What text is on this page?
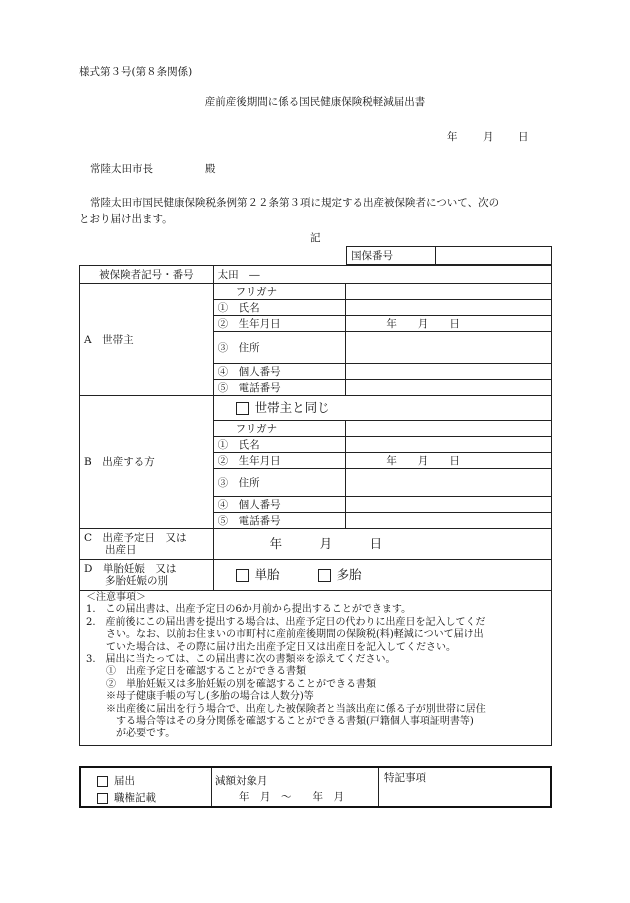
様式第３号(第８条関係)
産前産後期間に係る国民健康保険税軽減届出書
年 月 日
常陸太田市長	殿
常陸太田市国民健康保険税条例第２２条第３項に規定する出産被保険者について、次の
とおり届け出ます。
記
国保番号	
被保険者記号・番号	太田　―	
A　世帯主	フリガナ	
	①　氏名	
	②　生年月日	年　　月　　日
	③　住所	
	④　個人番号	
	⑤　電話番号	
B　出産する方	世帯主と同じ	
	フリガナ	
	①　氏名	
	②　生年月日	年　　月　　日
	③　住所	
	④　個人番号	
	⑤　電話番号	

C　出産予定日　又は
　　出産日	年　　　月　　　日	

D　単胎妊娠　又は
　　多胎妊娠の別	単胎 多胎	
＜注意事項＞
1.　この届出書は、出産予定日の6か月前から提出することができます。
2.　産前後にこの届出書を提出する場合は、出産予定日の代わりに出産日を記入してくだ
　　さい。なお、以前お住まいの市町村に産前産後期間の保険税(料)軽減について届け出
　　ていた場合は、その際に届け出た出産予定日又は出産日を記入してください。
3.　届出に当たっては、この届出書に次の書類※を添えてください。
　　①　出産予定日を確認することができる書類
　　②　単胎妊娠又は多胎妊娠の別を確認することができる書類
　　※母子健康手帳の写し(多胎の場合は人数分)等
　　※出産後に届出を行う場合で、出産した被保険者と当該出産に係る子が別世帯に居住
　　　する場合等はその身分関係を確認することができる書類(戸籍個人事項証明書等)
　　　が必要です。
届出
職権記載
減額対象月
年　月　～　　年　月
特記事項
